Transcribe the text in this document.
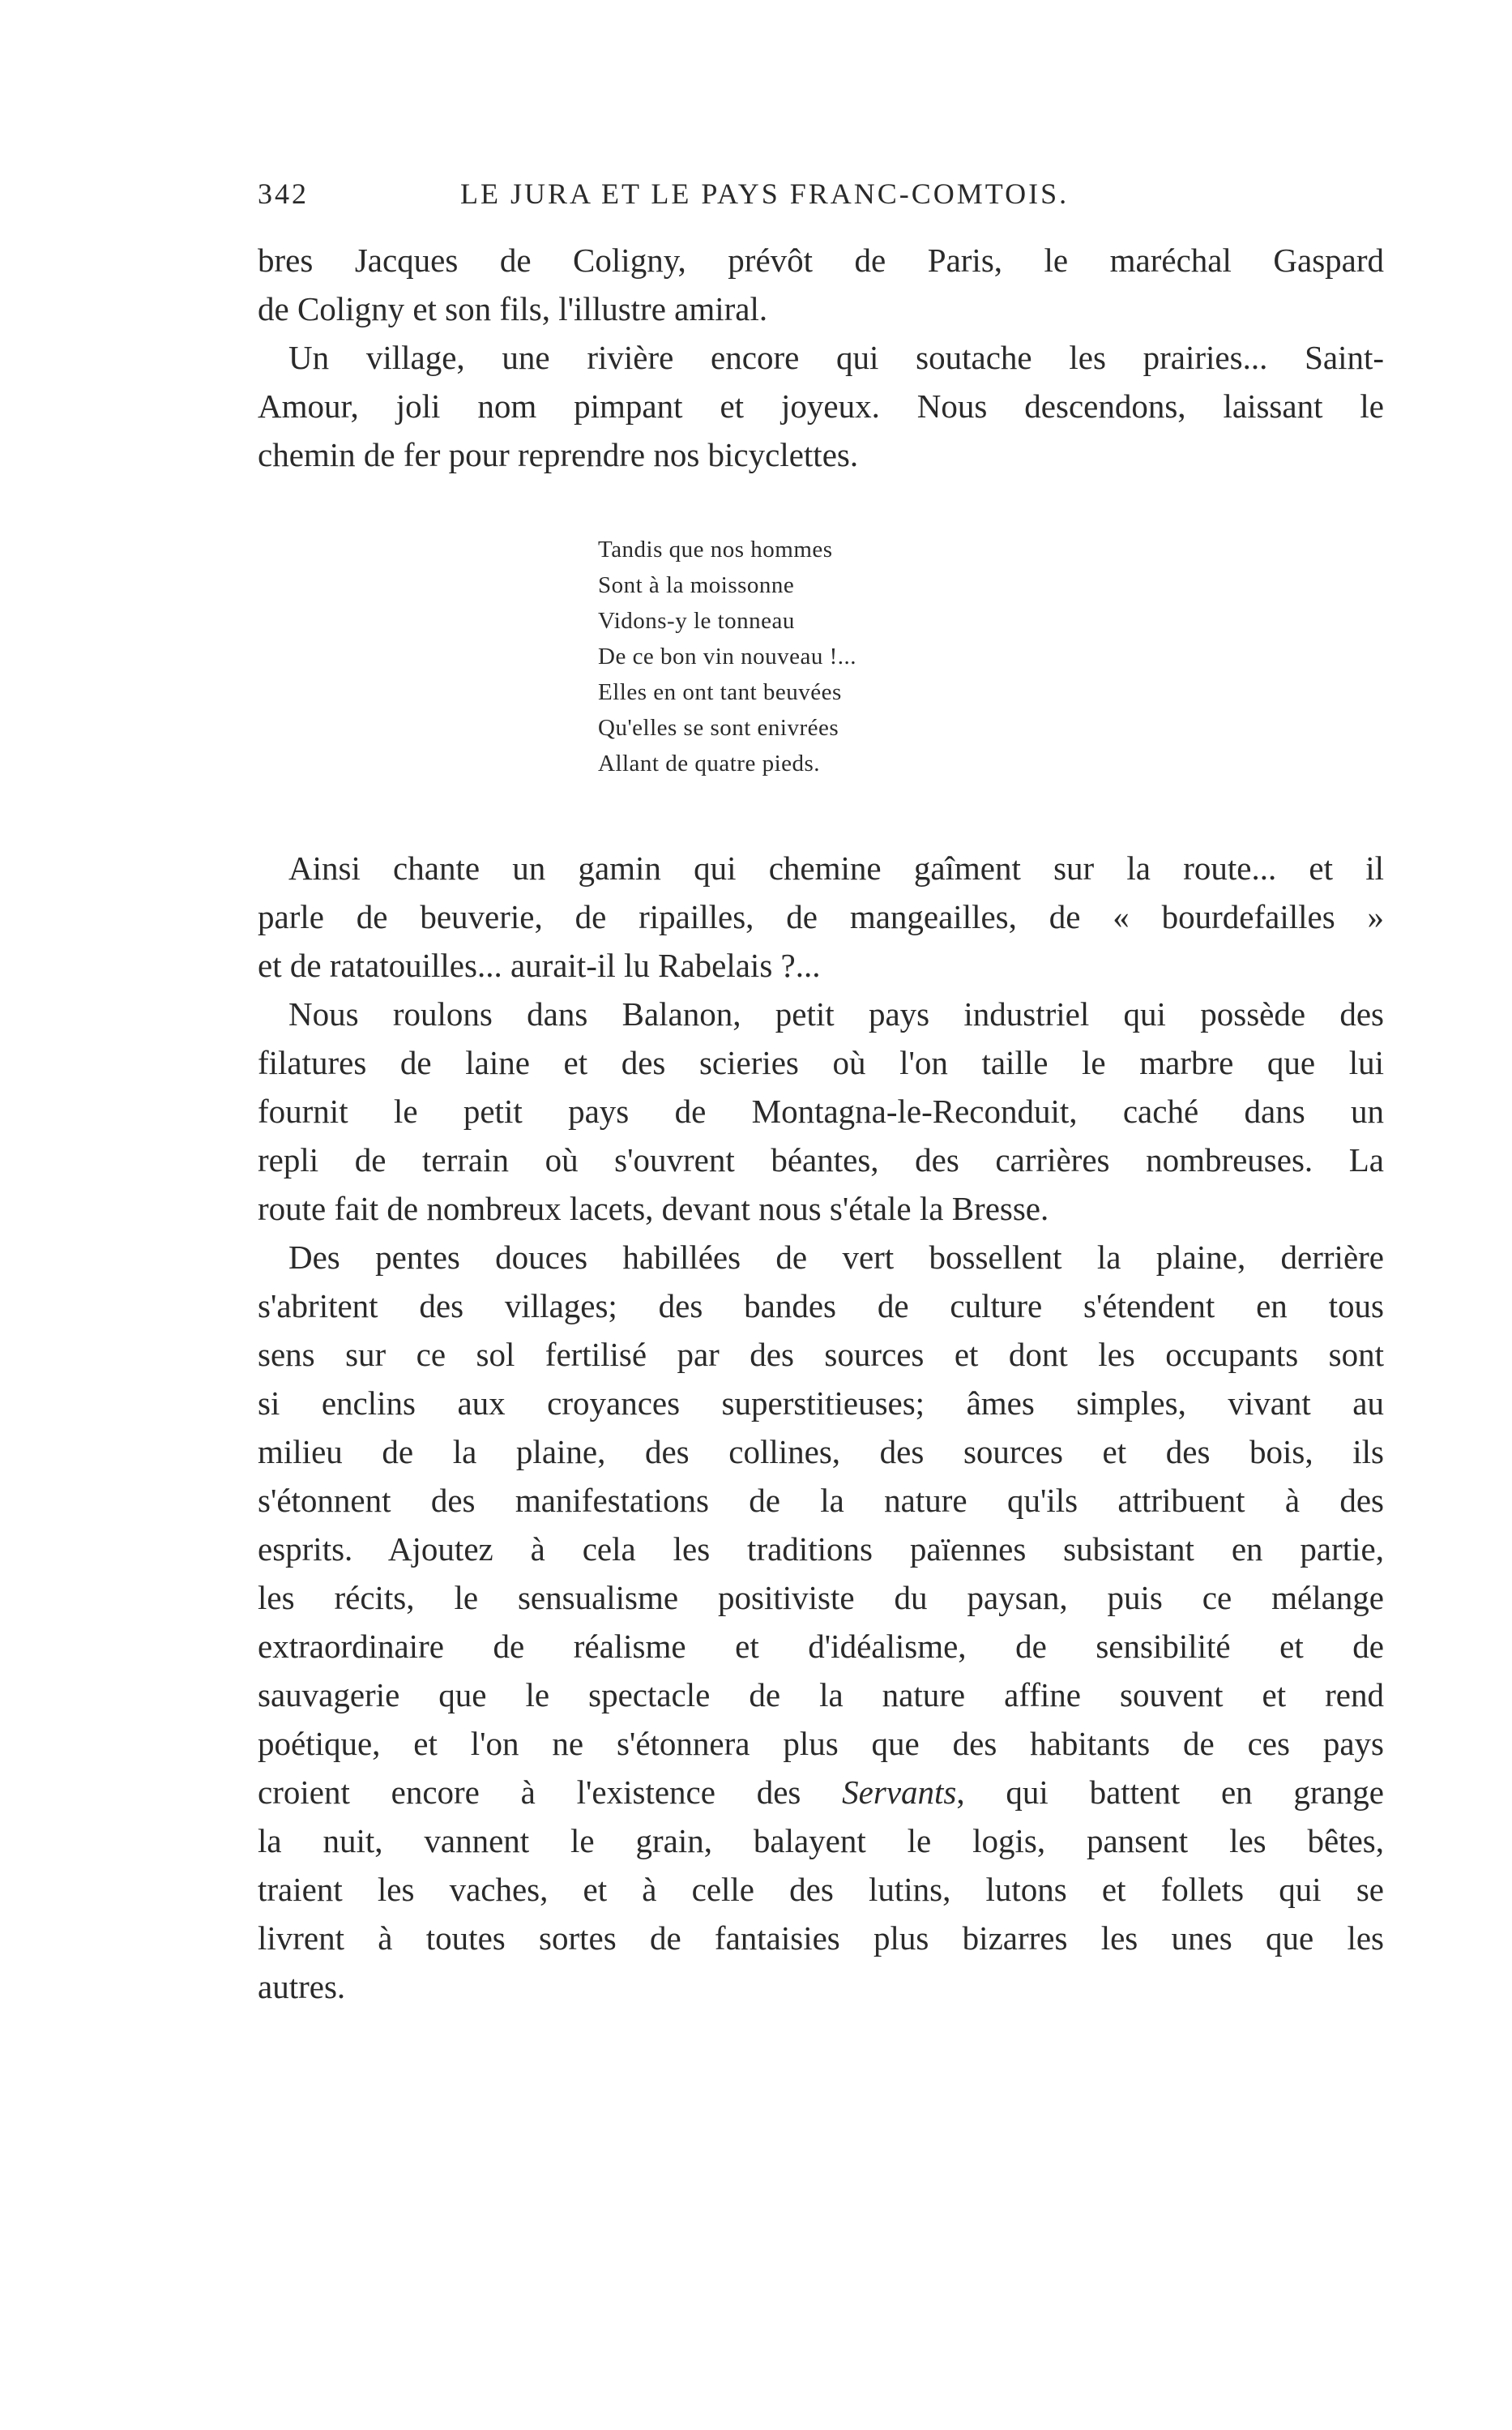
342	LE JURA ET LE PAYS FRANC-COMTOIS.
bres Jacques de Coligny, prévôt de Paris, le maréchal Gaspard
de Coligny et son fils, l'illustre amiral.
Un village, une rivière encore qui soutache les prairies... Saint-
Amour, joli nom pimpant et joyeux. Nous descendons, laissant le
chemin de fer pour reprendre nos bicyclettes.
Tandis que nos hommes
Sont à la moissonne
Vidons-y le tonneau
De ce bon vin nouveau !...
Elles en ont tant beuvées
Qu'elles se sont enivrées
Allant de quatre pieds.
Ainsi chante un gamin qui chemine gaîment sur la route... et il
parle de beuverie, de ripailles, de mangeailles, de « bourdefailles »
et de ratatouilles... aurait-il lu Rabelais ?...
Nous roulons dans Balanon, petit pays industriel qui possède des
filatures de laine et des scieries où l'on taille le marbre que lui
fournit le petit pays de Montagna-le-Reconduit, caché dans un
repli de terrain où s'ouvrent béantes, des carrières nombreuses. La
route fait de nombreux lacets, devant nous s'étale la Bresse.
Des pentes douces habillées de vert bossellent la plaine, derrière
s'abritent des villages; des bandes de culture s'étendent en tous
sens sur ce sol fertilisé par des sources et dont les occupants sont
si enclins aux croyances superstitieuses; âmes simples, vivant au
milieu de la plaine, des collines, des sources et des bois, ils
s'étonnent des manifestations de la nature qu'ils attribuent à des
esprits. Ajoutez à cela les traditions païennes subsistant en partie,
les récits, le sensualisme positiviste du paysan, puis ce mélange
extraordinaire de réalisme et d'idéalisme, de sensibilité et de
sauvagerie que le spectacle de la nature affine souvent et rend
poétique, et l'on ne s'étonnera plus que des habitants de ces pays
croient encore à l'existence des Servants, qui battent en grange
la nuit, vannent le grain, balayent le logis, pansent les bêtes,
traient les vaches, et à celle des lutins, lutons et follets qui se
livrent à toutes sortes de fantaisies plus bizarres les unes que les
autres.
